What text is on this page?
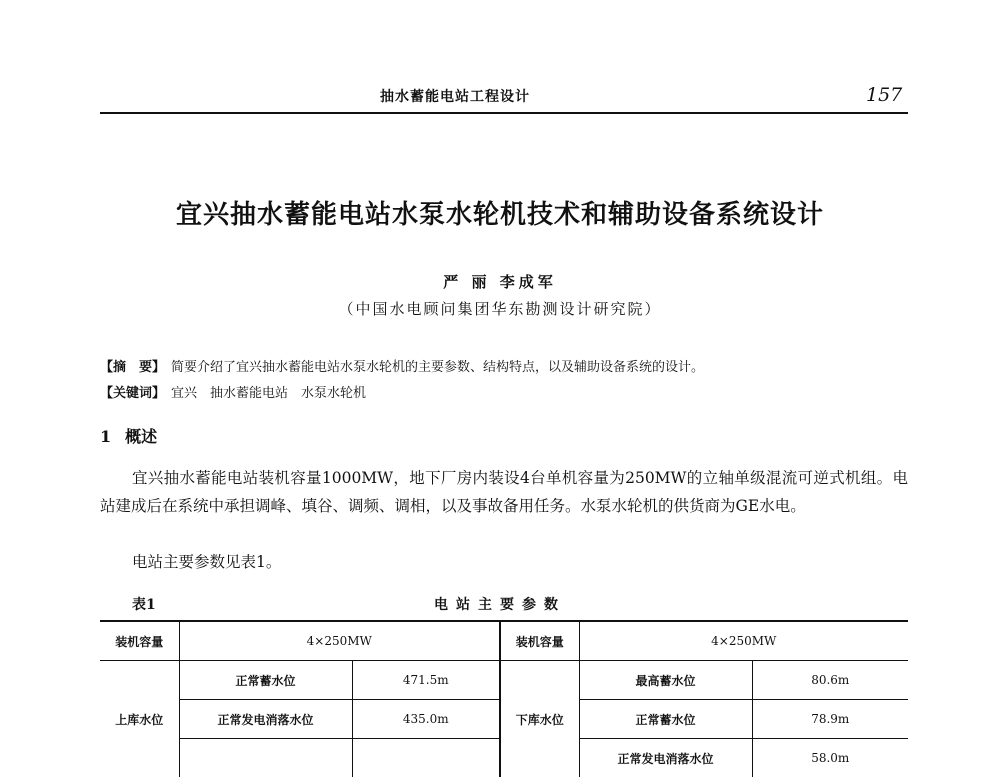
抽水蓄能电站工程设计	157
宜兴抽水蓄能电站水泵水轮机技术和辅助设备系统设计
严 丽 李成军
（中国水电顾问集团华东勘测设计研究院）
【摘　要】 简要介绍了宜兴抽水蓄能电站水泵水轮机的主要参数、结构特点，以及辅助设备系统的设计。
【关键词】 宜兴　抽水蓄能电站　水泵水轮机
1 概述

宜兴抽水蓄能电站装机容量1000MW，地下厂房内装设4台单机容量为250MW的立轴单级混流可逆式机组。电站建成后在系统中承担调峰、填谷、调频、调相，以及事故备用任务。水泵水轮机的供货商为GE水电。

电站主要参数见表1。

表1	电站主要参数
装机容量	4×250MW		装机容量	4×250MW	
上库水位	正常蓄水位	471.5m	下库水位	最高蓄水位	80.6m
	正常发电消落水位	435.0m		正常蓄水位	78.9m
				正常发电消落水位	58.0m
